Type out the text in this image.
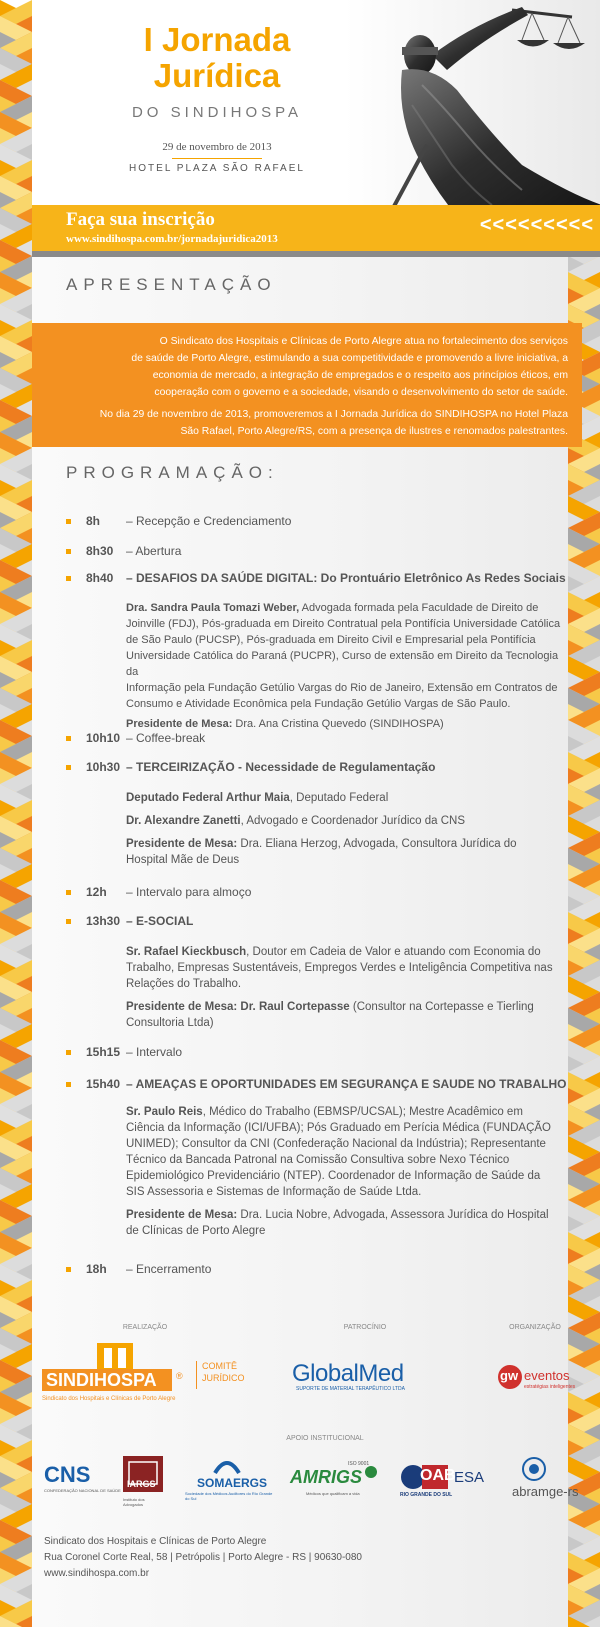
I Jornada
Jurídica
DO SINDIHOSPA
29 de novembro de 2013
HOTEL PLAZA SÃO RAFAEL
Faça sua inscrição
www.sindihospa.com.br/jornadajuridica2013
<<<<<<<<<
APRESENTAÇÃO

O Sindicato dos Hospitais e Clínicas de Porto Alegre atua no fortalecimento dos serviços
de saúde de Porto Alegre, estimulando a sua competitividade e promovendo a livre iniciativa, a
economia de mercado, a integração de empregados e o respeito aos princípios éticos, em
cooperação com o governo e a sociedade, visando o desenvolvimento do setor de saúde.

No dia 29 de novembro de 2013, promoveremos a I Jornada Jurídica do SINDIHOSPA no Hotel Plaza
São Rafael, Porto Alegre/RS, com a presença de ilustres e renomados palestrantes.

PROGRAMAÇÃO:
8h – Recepção e Credenciamento
8h30 – Abertura
8h40 – DESAFIOS DA SAÚDE DIGITAL: Do Prontuário Eletrônico As Redes Sociais
Dra. Sandra Paula Tomazi Weber, Advogada formada pela Faculdade de Direito de
Joinville (FDJ), Pós-graduada em Direito Contratual pela Pontifícia Universidade Católica
de São Paulo (PUCSP), Pós-graduada em Direito Civil e Empresarial pela Pontifícia
Universidade Católica do Paraná (PUCPR), Curso de extensão em Direito da Tecnologia da
Informação pela Fundação Getúlio Vargas do Rio de Janeiro, Extensão em Contratos de
Consumo e Atividade Econômica pela Fundação Getúlio Vargas de São Paulo.

Presidente de Mesa: Dra. Ana Cristina Quevedo (SINDIHOSPA)
10h10 – Coffee-break
10h30 – TERCEIRIZAÇÃO - Necessidade de Regulamentação
Deputado Federal Arthur Maia, Deputado Federal
Dr. Alexandre Zanetti, Advogado e Coordenador Jurídico da CNS
Presidente de Mesa: Dra. Eliana Herzog, Advogada, Consultora Jurídica do
Hospital Mãe de Deus
12h – Intervalo para almoço
13h30 – E-SOCIAL
Sr. Rafael Kieckbusch, Doutor em Cadeia de Valor e atuando com Economia do
Trabalho, Empresas Sustentáveis, Empregos Verdes e Inteligência Competitiva nas
Relações do Trabalho.
Presidente de Mesa: Dr. Raul Cortepasse (Consultor na Cortepasse e Tierling
Consultoria Ltda)
15h15 – Intervalo
15h40 – AMEAÇAS E OPORTUNIDADES EM SEGURANÇA E SAUDE NO TRABALHO
Sr. Paulo Reis, Médico do Trabalho (EBMSP/UCSAL); Mestre Acadêmico em
Ciência da Informação (ICI/UFBA); Pós Graduado em Perícia Médica (FUNDAÇÃO
UNIMED); Consultor da CNI (Confederação Nacional da Indústria); Representante
Técnico da Bancada Patronal na Comissão Consultiva sobre Nexo Técnico
Epidemiológico Previdenciário (NTEP). Coordenador de Informação de Saúde da
SIS Assessoria e Sistemas de Informação de Saúde Ltda.
Presidente de Mesa: Dra. Lucia Nobre, Advogada, Assessora Jurídica do Hospital
de Clínicas de Porto Alegre
18h – Encerramento
REALIZAÇÃO	PATROCÍNIO	ORGANIZAÇÃO
SINDIHOSPA ®
Sindicato dos Hospitais e Clínicas de Porto Alegre
COMITÊ
JURÍDICO GlobalMed
SUPORTE DE MATERIAL TERAPÊUTICO LTDA
gw eventos
estratégias inteligentes
APOIO INSTITUCIONAL
CNS
CONFEDERAÇÃO NACIONAL DE SAÚDE
IARGS
Instituto dos Advogados
SOMAERGS
Sociedade dos Médicos Auditores do Rio Grande do Sul
AMRIGS
ISO 9001
Médicos que qualificam a vida
OAB
ESA
RIO GRANDE DO SUL	abramge-rs
Sindicato dos Hospitais e Clínicas de Porto Alegre
Rua Coronel Corte Real, 58 | Petrópolis | Porto Alegre - RS | 90630-080
www.sindihospa.com.br
